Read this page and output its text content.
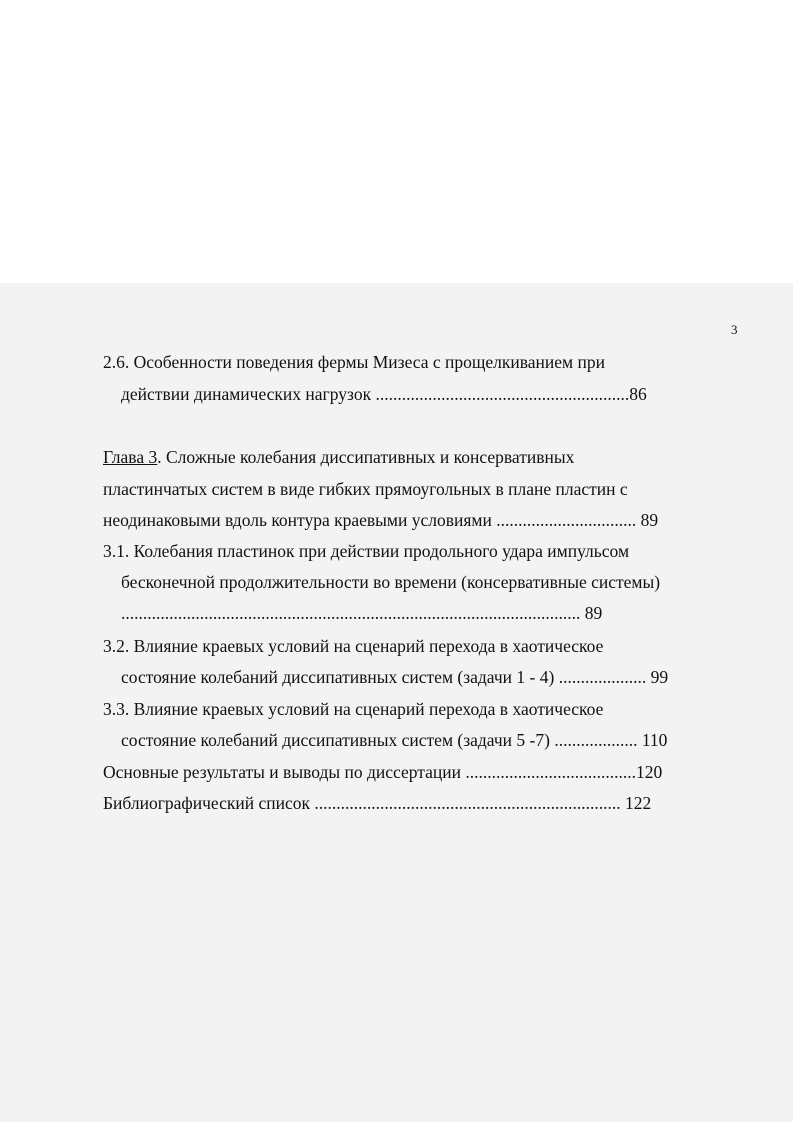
3
2.6. Особенности поведения фермы Мизеса с прощелкиванием при
действии динамических нагрузок ..........................................................86
Глава 3. Сложные колебания диссипативных и консервативных
пластинчатых систем в виде гибких прямоугольных в плане пластин с
неодинаковыми вдоль контура краевыми условиями ................................ 89
3.1. Колебания пластинок при действии продольного удара импульсом
бесконечной продолжительности во времени (консервативные системы)
......................................................................................................... 89
3.2. Влияние краевых условий на сценарий перехода в хаотическое
состояние колебаний диссипативных систем (задачи 1 - 4) .................... 99
3.3. Влияние краевых условий на сценарий перехода в хаотическое
состояние колебаний диссипативных систем (задачи 5 -7) ................... 110
Основные результаты и выводы по диссертации .......................................120
Библиографический список ...................................................................... 122
